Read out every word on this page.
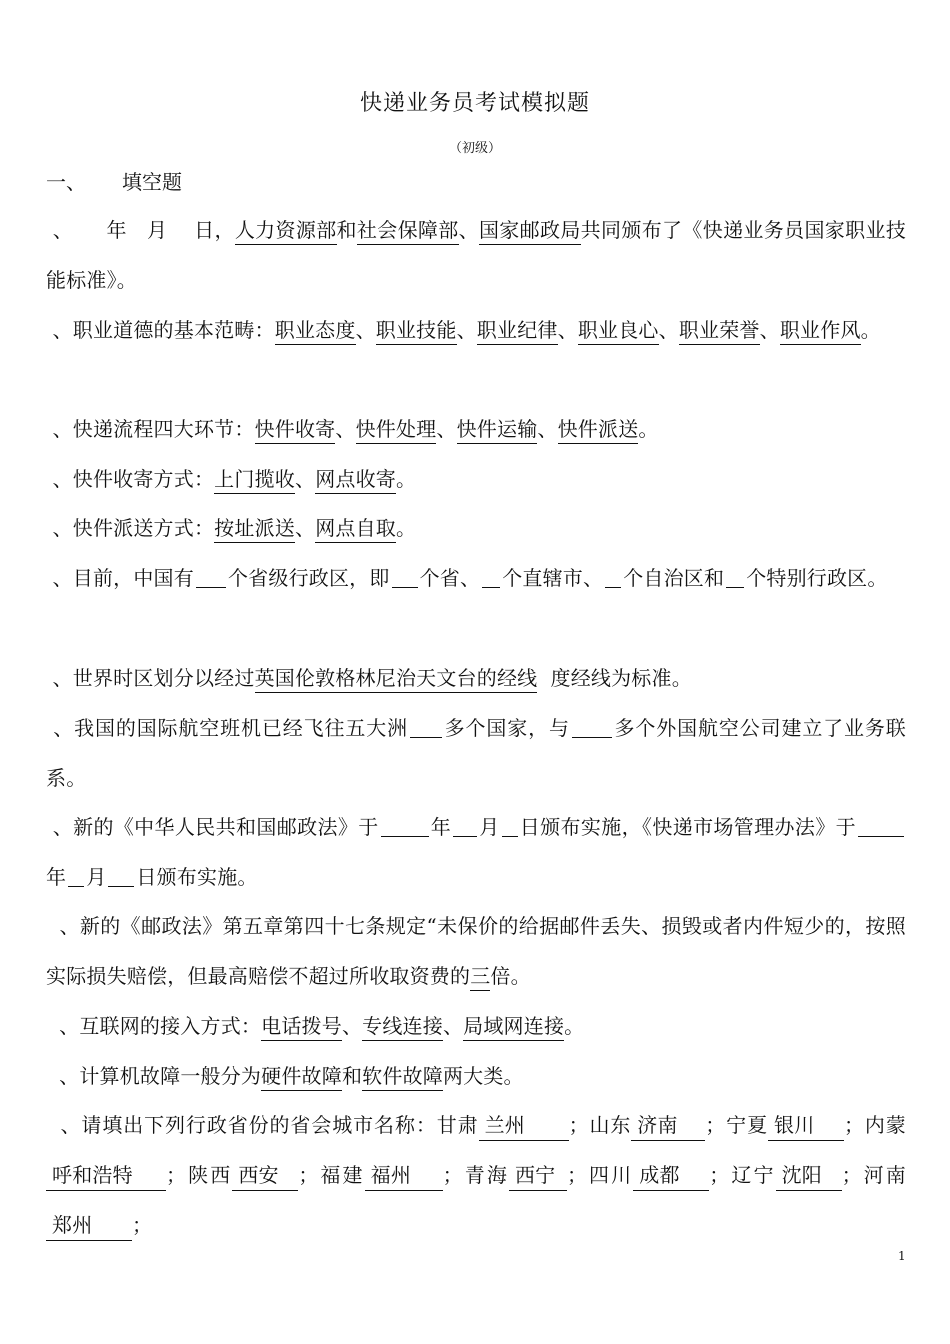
快递业务员考试模拟题
（初级）
一、 填空题
、     年   月    日，人力资源部和社会保障部、国家邮政局共同颁布了《快递业务员国家职业技能标准》。
、职业道德的基本范畴：职业态度、职业技能、职业纪律、职业良心、职业荣誉、职业作风。
、快递流程四大环节：快件收寄、快件处理、快件运输、快件派送。
、快件收寄方式：上门揽收、网点收寄。
、快件派送方式：按址派送、网点自取。
、目前，中国有 个省级行政区，即 个省、 个直辖市、 个自治区和 个特别行政区。
、世界时区划分以经过英国伦敦格林尼治天文台的经线  度经线为标准。
、我国的国际航空班机已经飞往五大洲 多个国家，与 多个外国航空公司建立了业务联系。
、新的《中华人民共和国邮政法》于	年 月 日颁布实施，《快递市场管理办法》于年 月 日颁布实施。
、新的《邮政法》第五章第四十七条规定“未保价的给据邮件丢失、损毁或者内件短少的，按照实际损失赔偿，但最高赔偿不超过所收取资费的三倍。
、互联网的接入方式：电话拨号、专线连接、局域网连接。
、计算机故障一般分为硬件故障和软件故障两大类。
、请填出下列行政省份的省会城市名称：甘肃 兰州 ；山东 济南 ；宁夏 银川 ；内蒙呼和浩特 ；陕西 西安 ；福建 福州 ；青海 西宁 ；四川 成都 ；辽宁 沈阳 ；河南郑州 ；
1
